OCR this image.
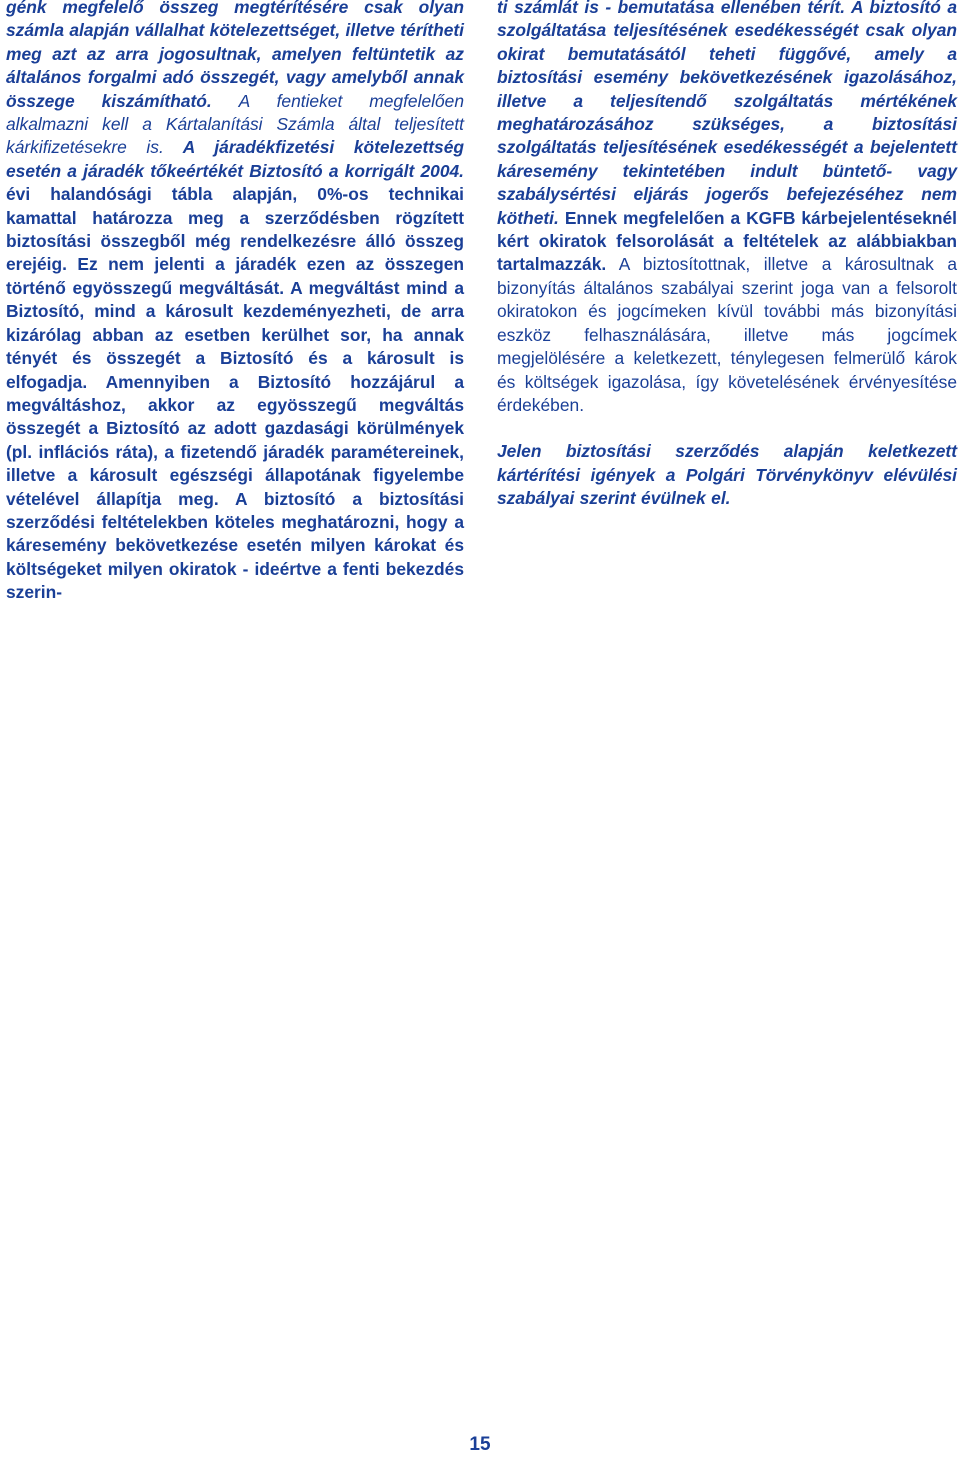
génk megfelelő összeg megtérítésére csak olyan számla alapján vállalhat kötelezettséget, illetve térítheti meg azt az arra jogosultnak, amelyen feltüntetik az általános forgalmi adó összegét, vagy amelyből annak összege kiszámítható. A fentieket megfelelően alkalmazni kell a Kártalanítási Számla által teljesített kárkifizetésekre is. A járadékfizetési kötelezettség esetén a járadék tőkeértékét Biztosító a korrigált 2004. évi halandósági tábla alapján, 0%-os technikai kamattal határozza meg a szerződésben rögzített biztosítási összegből még rendelkezésre álló összeg erejéig. Ez nem jelenti a járadék ezen az összegen történő egyösszegű megváltását. A megváltást mind a Biztosító, mind a károsult kezdeményezheti, de arra kizárólag abban az esetben kerülhet sor, ha annak tényét és összegét a Biztosító és a károsult is elfogadja. Amennyiben a Biztosító hozzájárul a megváltáshoz, akkor az egyösszegű megváltás összegét a Biztosító az adott gazdasági körülmények (pl. inflációs ráta), a fizetendő járadék paramétereinek, illetve a károsult egészségi állapotának figyelembe vételével állapítja meg. A biztosító a biztosítási szerződési feltételekben köteles meghatározni, hogy a káresemény bekövetkezése esetén milyen károkat és költségeket milyen okiratok - ideértve a fenti bekezdés szerin-

ti számlát is - bemutatása ellenében térít. A biztosító a szolgáltatása teljesítésének esedékességét csak olyan okirat bemutatásától teheti függővé, amely a biztosítási esemény bekövetkezésének igazolásához, illetve a teljesítendő szolgáltatás mértékének meghatározásához szükséges, a biztosítási szolgáltatás teljesítésének esedékességét a bejelentett káresemény tekintetében indult büntető- vagy szabálysértési eljárás jogerős befejezéséhez nem kötheti. Ennek megfelelően a KGFB kárbejelentéseknél kért okiratok felsorolását a feltételek az alábbiakban tartalmazzák. A biztosítottnak, illetve a károsultnak a bizonyítás általános szabályai szerint joga van a felsorolt okiratokon és jogcímeken kívül további más bizonyítási eszköz felhasználására, illetve más jogcímek megjelölésére a keletkezett, ténylegesen felmerülő károk és költségek igazolása, így követelésének érvényesítése érdekében.

Jelen biztosítási szerződés alapján keletkezett kártérítési igények a Polgári Törvénykönyv elévülési szabályai szerint évülnek el.

15
